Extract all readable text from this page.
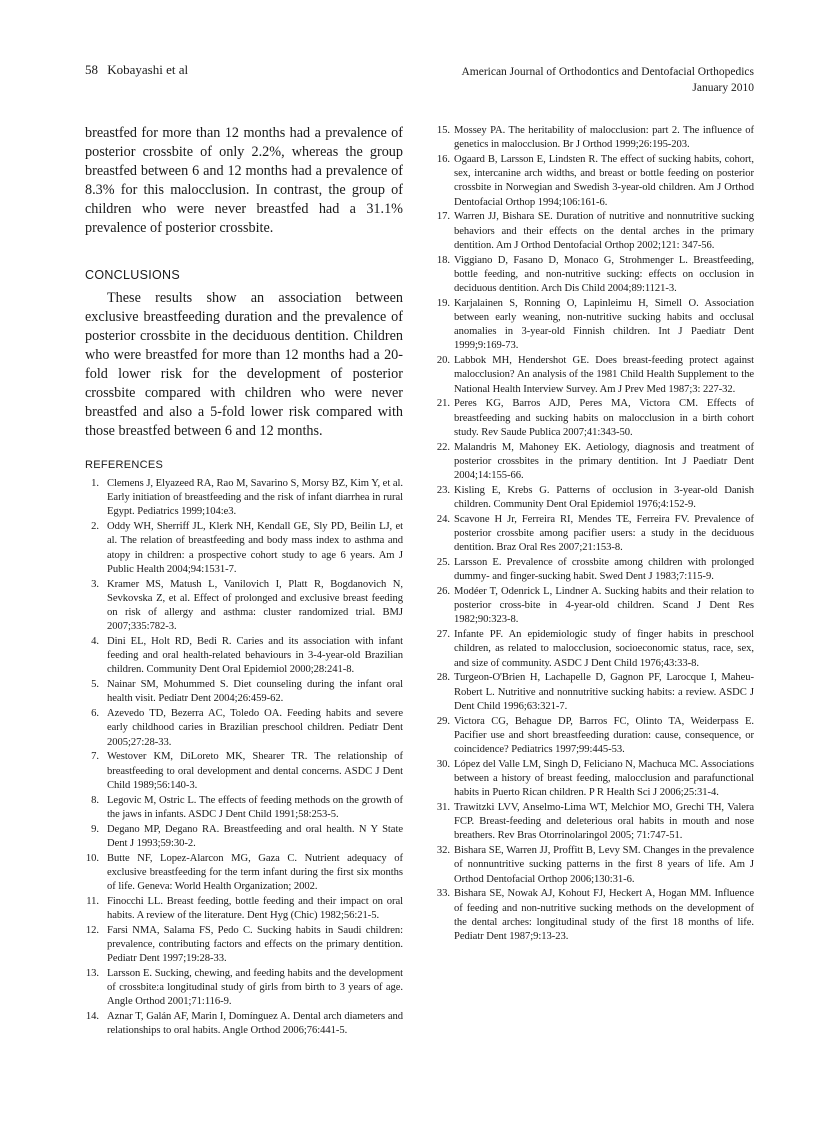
58 Kobayashi et al	American Journal of Orthodontics and Dentofacial Orthopedics
January 2010

breastfed for more than 12 months had a prevalence of posterior crossbite of only 2.2%, whereas the group breastfed between 6 and 12 months had a prevalence of 8.3% for this malocclusion. In contrast, the group of children who were never breastfed had a 31.1% prevalence of posterior crossbite.

CONCLUSIONS

These results show an association between exclusive breastfeeding duration and the prevalence of posterior crossbite in the deciduous dentition. Children who were breastfed for more than 12 months had a 20-fold lower risk for the development of posterior crossbite compared with children who were never breastfed and also a 5-fold lower risk compared with those breastfed between 6 and 12 months.

REFERENCES
1. Clemens J, Elyazeed RA, Rao M, Savarino S, Morsy BZ, Kim Y, et al. Early initiation of breastfeeding and the risk of infant diarrhea in rural Egypt. Pediatrics 1999;104:e3.
2. Oddy WH, Sherriff JL, Klerk NH, Kendall GE, Sly PD, Beilin LJ, et al. The relation of breastfeeding and body mass index to asthma and atopy in children: a prospective cohort study to age 6 years. Am J Public Health 2004;94:1531-7.
3. Kramer MS, Matush L, Vanilovich I, Platt R, Bogdanovich N, Sevkovska Z, et al. Effect of prolonged and exclusive breast feeding on risk of allergy and asthma: cluster randomized trial. BMJ 2007;335:782-3.
4. Dini EL, Holt RD, Bedi R. Caries and its association with infant feeding and oral health-related behaviours in 3-4-year-old Brazilian children. Community Dent Oral Epidemiol 2000;28:241-8.
5. Nainar SM, Mohummed S. Diet counseling during the infant oral health visit. Pediatr Dent 2004;26:459-62.
6. Azevedo TD, Bezerra AC, Toledo OA. Feeding habits and severe early childhood caries in Brazilian preschool children. Pediatr Dent 2005;27:28-33.
7. Westover KM, DiLoreto MK, Shearer TR. The relationship of breastfeeding to oral development and dental concerns. ASDC J Dent Child 1989;56:140-3.
8. Legovic M, Ostric L. The effects of feeding methods on the growth of the jaws in infants. ASDC J Dent Child 1991;58:253-5.
9. Degano MP, Degano RA. Breastfeeding and oral health. N Y State Dent J 1993;59:30-2.
10. Butte NF, Lopez-Alarcon MG, Gaza C. Nutrient adequacy of exclusive breastfeeding for the term infant during the first six months of life. Geneva: World Health Organization; 2002.
11. Finocchi LL. Breast feeding, bottle feeding and their impact on oral habits. A review of the literature. Dent Hyg (Chic) 1982;56:21-5.
12. Farsi NMA, Salama FS, Pedo C. Sucking habits in Saudi children: prevalence, contributing factors and effects on the primary dentition. Pediatr Dent 1997;19:28-33.
13. Larsson E. Sucking, chewing, and feeding habits and the development of crossbite:a longitudinal study of girls from birth to 3 years of age. Angle Orthod 2001;71:116-9.
14. Aznar T, Galán AF, Marin I, Domínguez A. Dental arch diameters and relationships to oral habits. Angle Orthod 2006;76:441-5.
15. Mossey PA. The heritability of malocclusion: part 2. The influence of genetics in malocclusion. Br J Orthod 1999;26:195-203.
16. Ogaard B, Larsson E, Lindsten R. The effect of sucking habits, cohort, sex, intercanine arch widths, and breast or bottle feeding on posterior crossbite in Norwegian and Swedish 3-year-old children. Am J Orthod Dentofacial Orthop 1994;106:161-6.
17. Warren JJ, Bishara SE. Duration of nutritive and nonnutritive sucking behaviors and their effects on the dental arches in the primary dentition. Am J Orthod Dentofacial Orthop 2002;121: 347-56.
18. Viggiano D, Fasano D, Monaco G, Strohmenger L. Breastfeeding, bottle feeding, and non-nutritive sucking: effects on occlusion in deciduous dentition. Arch Dis Child 2004;89:1121-3.
19. Karjalainen S, Ronning O, Lapinleimu H, Simell O. Association between early weaning, non-nutritive sucking habits and occlusal anomalies in 3-year-old Finnish children. Int J Paediatr Dent 1999;9:169-73.
20. Labbok MH, Hendershot GE. Does breast-feeding protect against malocclusion? An analysis of the 1981 Child Health Supplement to the National Health Interview Survey. Am J Prev Med 1987;3: 227-32.
21. Peres KG, Barros AJD, Peres MA, Victora CM. Effects of breastfeeding and sucking habits on malocclusion in a birth cohort study. Rev Saude Publica 2007;41:343-50.
22. Malandris M, Mahoney EK. Aetiology, diagnosis and treatment of posterior crossbites in the primary dentition. Int J Paediatr Dent 2004;14:155-66.
23. Kisling E, Krebs G. Patterns of occlusion in 3-year-old Danish children. Community Dent Oral Epidemiol 1976;4:152-9.
24. Scavone H Jr, Ferreira RI, Mendes TE, Ferreira FV. Prevalence of posterior crossbite among pacifier users: a study in the deciduous dentition. Braz Oral Res 2007;21:153-8.
25. Larsson E. Prevalence of crossbite among children with prolonged dummy- and finger-sucking habit. Swed Dent J 1983;7:115-9.
26. Modéer T, Odenrick L, Lindner A. Sucking habits and their relation to posterior cross-bite in 4-year-old children. Scand J Dent Res 1982;90:323-8.
27. Infante PF. An epidemiologic study of finger habits in preschool children, as related to malocclusion, socioeconomic status, race, sex, and size of community. ASDC J Dent Child 1976;43:33-8.
28. Turgeon-O'Brien H, Lachapelle D, Gagnon PF, Larocque I, Maheu-Robert L. Nutritive and nonnutritive sucking habits: a review. ASDC J Dent Child 1996;63:321-7.
29. Victora CG, Behague DP, Barros FC, Olinto TA, Weiderpass E. Pacifier use and short breastfeeding duration: cause, consequence, or coincidence? Pediatrics 1997;99:445-53.
30. López del Valle LM, Singh D, Feliciano N, Machuca MC. Associations between a history of breast feeding, malocclusion and parafunctional habits in Puerto Rican children. P R Health Sci J 2006;25:31-4.
31. Trawitzki LVV, Anselmo-Lima WT, Melchior MO, Grechi TH, Valera FCP. Breast-feeding and deleterious oral habits in mouth and nose breathers. Rev Bras Otorrinolaringol 2005; 71:747-51.
32. Bishara SE, Warren JJ, Proffitt B, Levy SM. Changes in the prevalence of nonnuntritive sucking patterns in the first 8 years of life. Am J Orthod Dentofacial Orthop 2006;130:31-6.
33. Bishara SE, Nowak AJ, Kohout FJ, Heckert A, Hogan MM. Influence of feeding and non-nutritive sucking methods on the development of the dental arches: longitudinal study of the first 18 months of life. Pediatr Dent 1987;9:13-23.
